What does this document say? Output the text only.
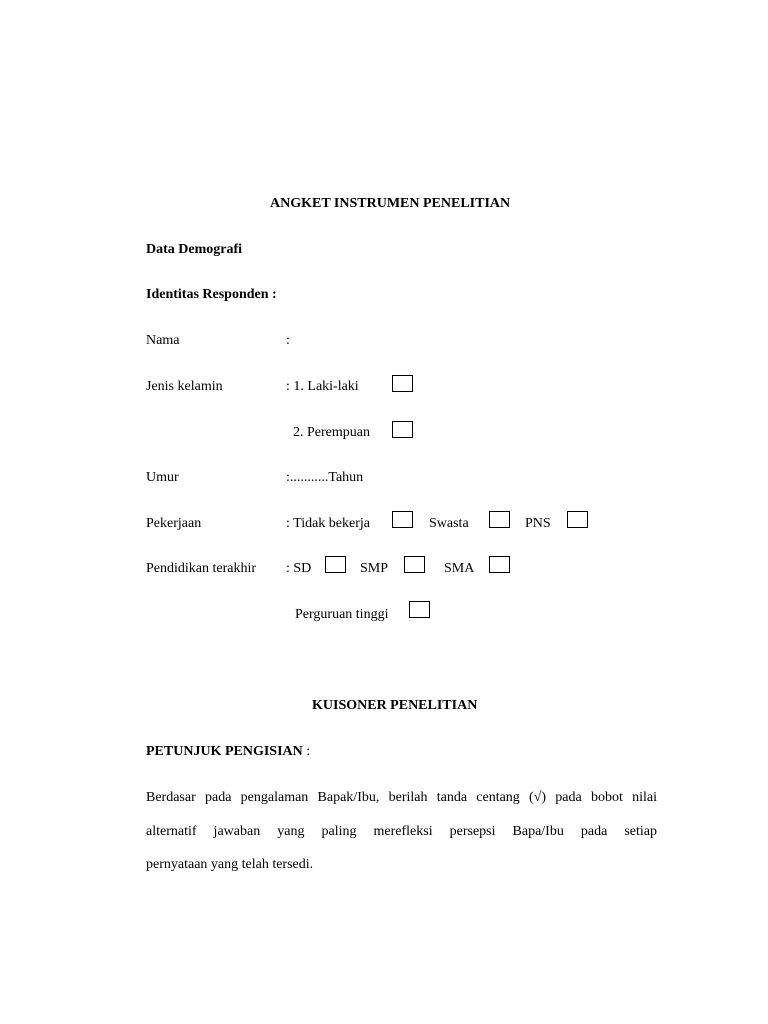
ANGKET INSTRUMEN PENELITIAN
Data Demografi
Identitas Responden :
Nama	:
Jenis kelamin	: 1. Laki-laki
2. Perempuan
Umur	:...........Tahun
Pekerjaan	: Tidak bekerja	Swasta	PNS
Pendidikan terakhir : SD	SMP	SMA
Perguruan tinggi
KUISONER PENELITIAN
PETUNJUK PENGISIAN :
Berdasar pada pengalaman Bapak/Ibu, berilah tanda centang (√) pada bobot nilai
alternatif jawaban yang paling merefleksi persepsi Bapa/Ibu pada setiap
pernyataan yang telah tersedi.
